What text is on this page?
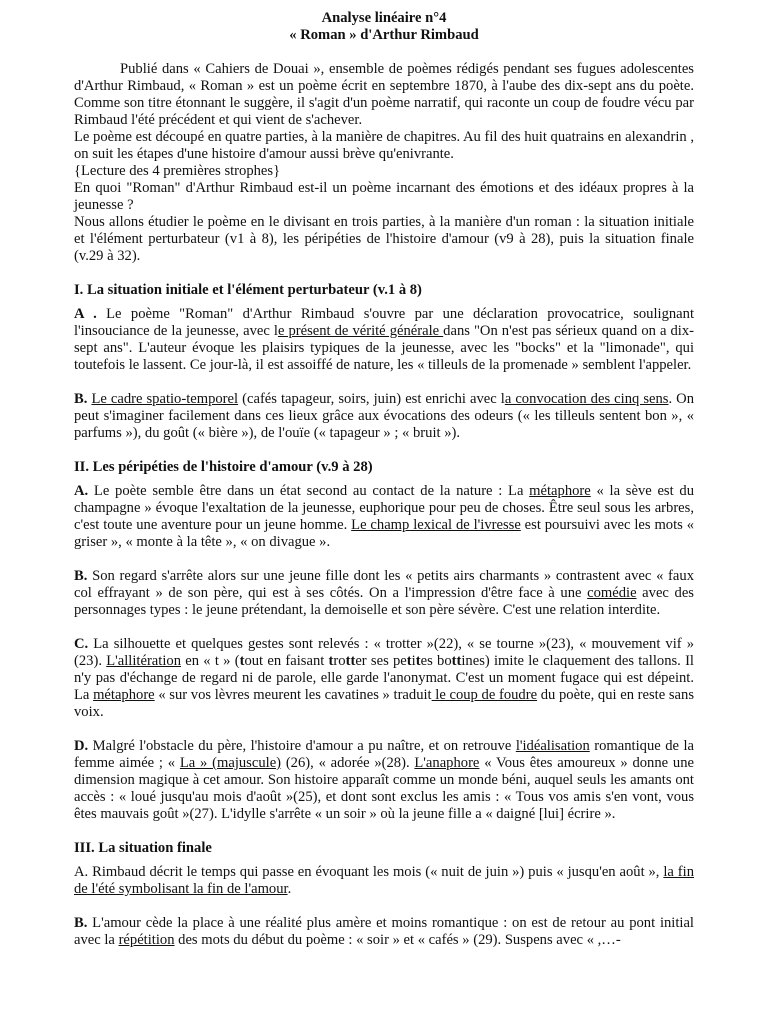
Analyse linéaire n°4
« Roman » d'Arthur Rimbaud

Publié dans « Cahiers de Douai », ensemble de poèmes rédigés pendant ses fugues adolescentes d'Arthur Rimbaud, « Roman » est un poème écrit en septembre 1870, à l'aube des dix-sept ans du poète. Comme son titre étonnant le suggère, il s'agit d'un poème narratif, qui raconte un coup de foudre vécu par Rimbaud l'été précédent et qui vient de s'achever.

Le poème est découpé en quatre parties, à la manière de chapitres. Au fil des huit quatrains en alexandrin , on suit les étapes d'une histoire d'amour aussi brève qu'enivrante.

{Lecture des 4 premières strophes}

En quoi "Roman" d'Arthur Rimbaud est-il un poème incarnant des émotions et des idéaux propres à la jeunesse ?

Nous allons étudier le poème en le divisant en trois parties, à la manière d'un roman : la situation initiale et l'élément perturbateur (v1 à 8), les péripéties de l'histoire d'amour (v9 à 28), puis la situation finale (v.29 à 32).

I. La situation initiale et l'élément perturbateur (v.1 à 8)

A . Le poème "Roman" d'Arthur Rimbaud s'ouvre par une déclaration provocatrice, soulignant l'insouciance de la jeunesse, avec le présent de vérité générale dans "On n'est pas sérieux quand on a dix-sept ans". L'auteur évoque les plaisirs typiques de la jeunesse, avec les "bocks" et la "limonade", qui toutefois le lassent. Ce jour-là, il est assoiffé de nature, les « tilleuls de la promenade » semblent l'appeler.

B. Le cadre spatio-temporel (cafés tapageur, soirs, juin) est enrichi avec la convocation des cinq sens. On peut s'imaginer facilement dans ces lieux grâce aux évocations des odeurs (« les tilleuls sentent bon », « parfums »), du goût (« bière »), de l'ouïe (« tapageur » ; « bruit »).

II. Les péripéties de l'histoire d'amour (v.9 à 28)

A. Le poète semble être dans un état second au contact de la nature : La métaphore « la sève est du champagne » évoque l'exaltation de la jeunesse, euphorique pour peu de choses. Être seul sous les arbres, c'est toute une aventure pour un jeune homme. Le champ lexical de l'ivresse est poursuivi avec les mots « griser », « monte à la tête », « on divague ».

B. Son regard s'arrête alors sur une jeune fille dont les « petits airs charmants » contrastent avec « faux col effrayant » de son père, qui est à ses côtés. On a l'impression d'être face à une comédie avec des personnages types : le jeune prétendant, la demoiselle et son père sévère. C'est une relation interdite.

C. La silhouette et quelques gestes sont relevés : « trotter »(22), « se tourne »(23), « mouvement vif » (23). L'allitération en « t » (tout en faisant trotter ses petites bottines) imite le claquement des tallons. Il n'y pas d'échange de regard ni de parole, elle garde l'anonymat. C'est un moment fugace qui est dépeint. La métaphore « sur vos lèvres meurent les cavatines » traduit le coup de foudre du poète, qui en reste sans voix.

D. Malgré l'obstacle du père, l'histoire d'amour a pu naître, et on retrouve l'idéalisation romantique de la femme aimée ; « La » (majuscule) (26), « adorée »(28). L'anaphore « Vous êtes amoureux » donne une dimension magique à cet amour. Son histoire apparaît comme un monde béni, auquel seuls les amants ont accès : « loué jusqu'au mois d'août »(25), et dont sont exclus les amis : « Tous vos amis s'en vont, vous êtes mauvais goût »(27). L'idylle s'arrête « un soir » où la jeune fille a « daigné [lui] écrire ».

III. La situation finale

A. Rimbaud décrit le temps qui passe en évoquant les mois (« nuit de juin ») puis « jusqu'en août », la fin de l'été symbolisant la fin de l'amour.

B. L'amour cède la place à une réalité plus amère et moins romantique : on est de retour au pont initial avec la répétition des mots du début du poème : « soir » et « cafés » (29). Suspens avec « ,…-
